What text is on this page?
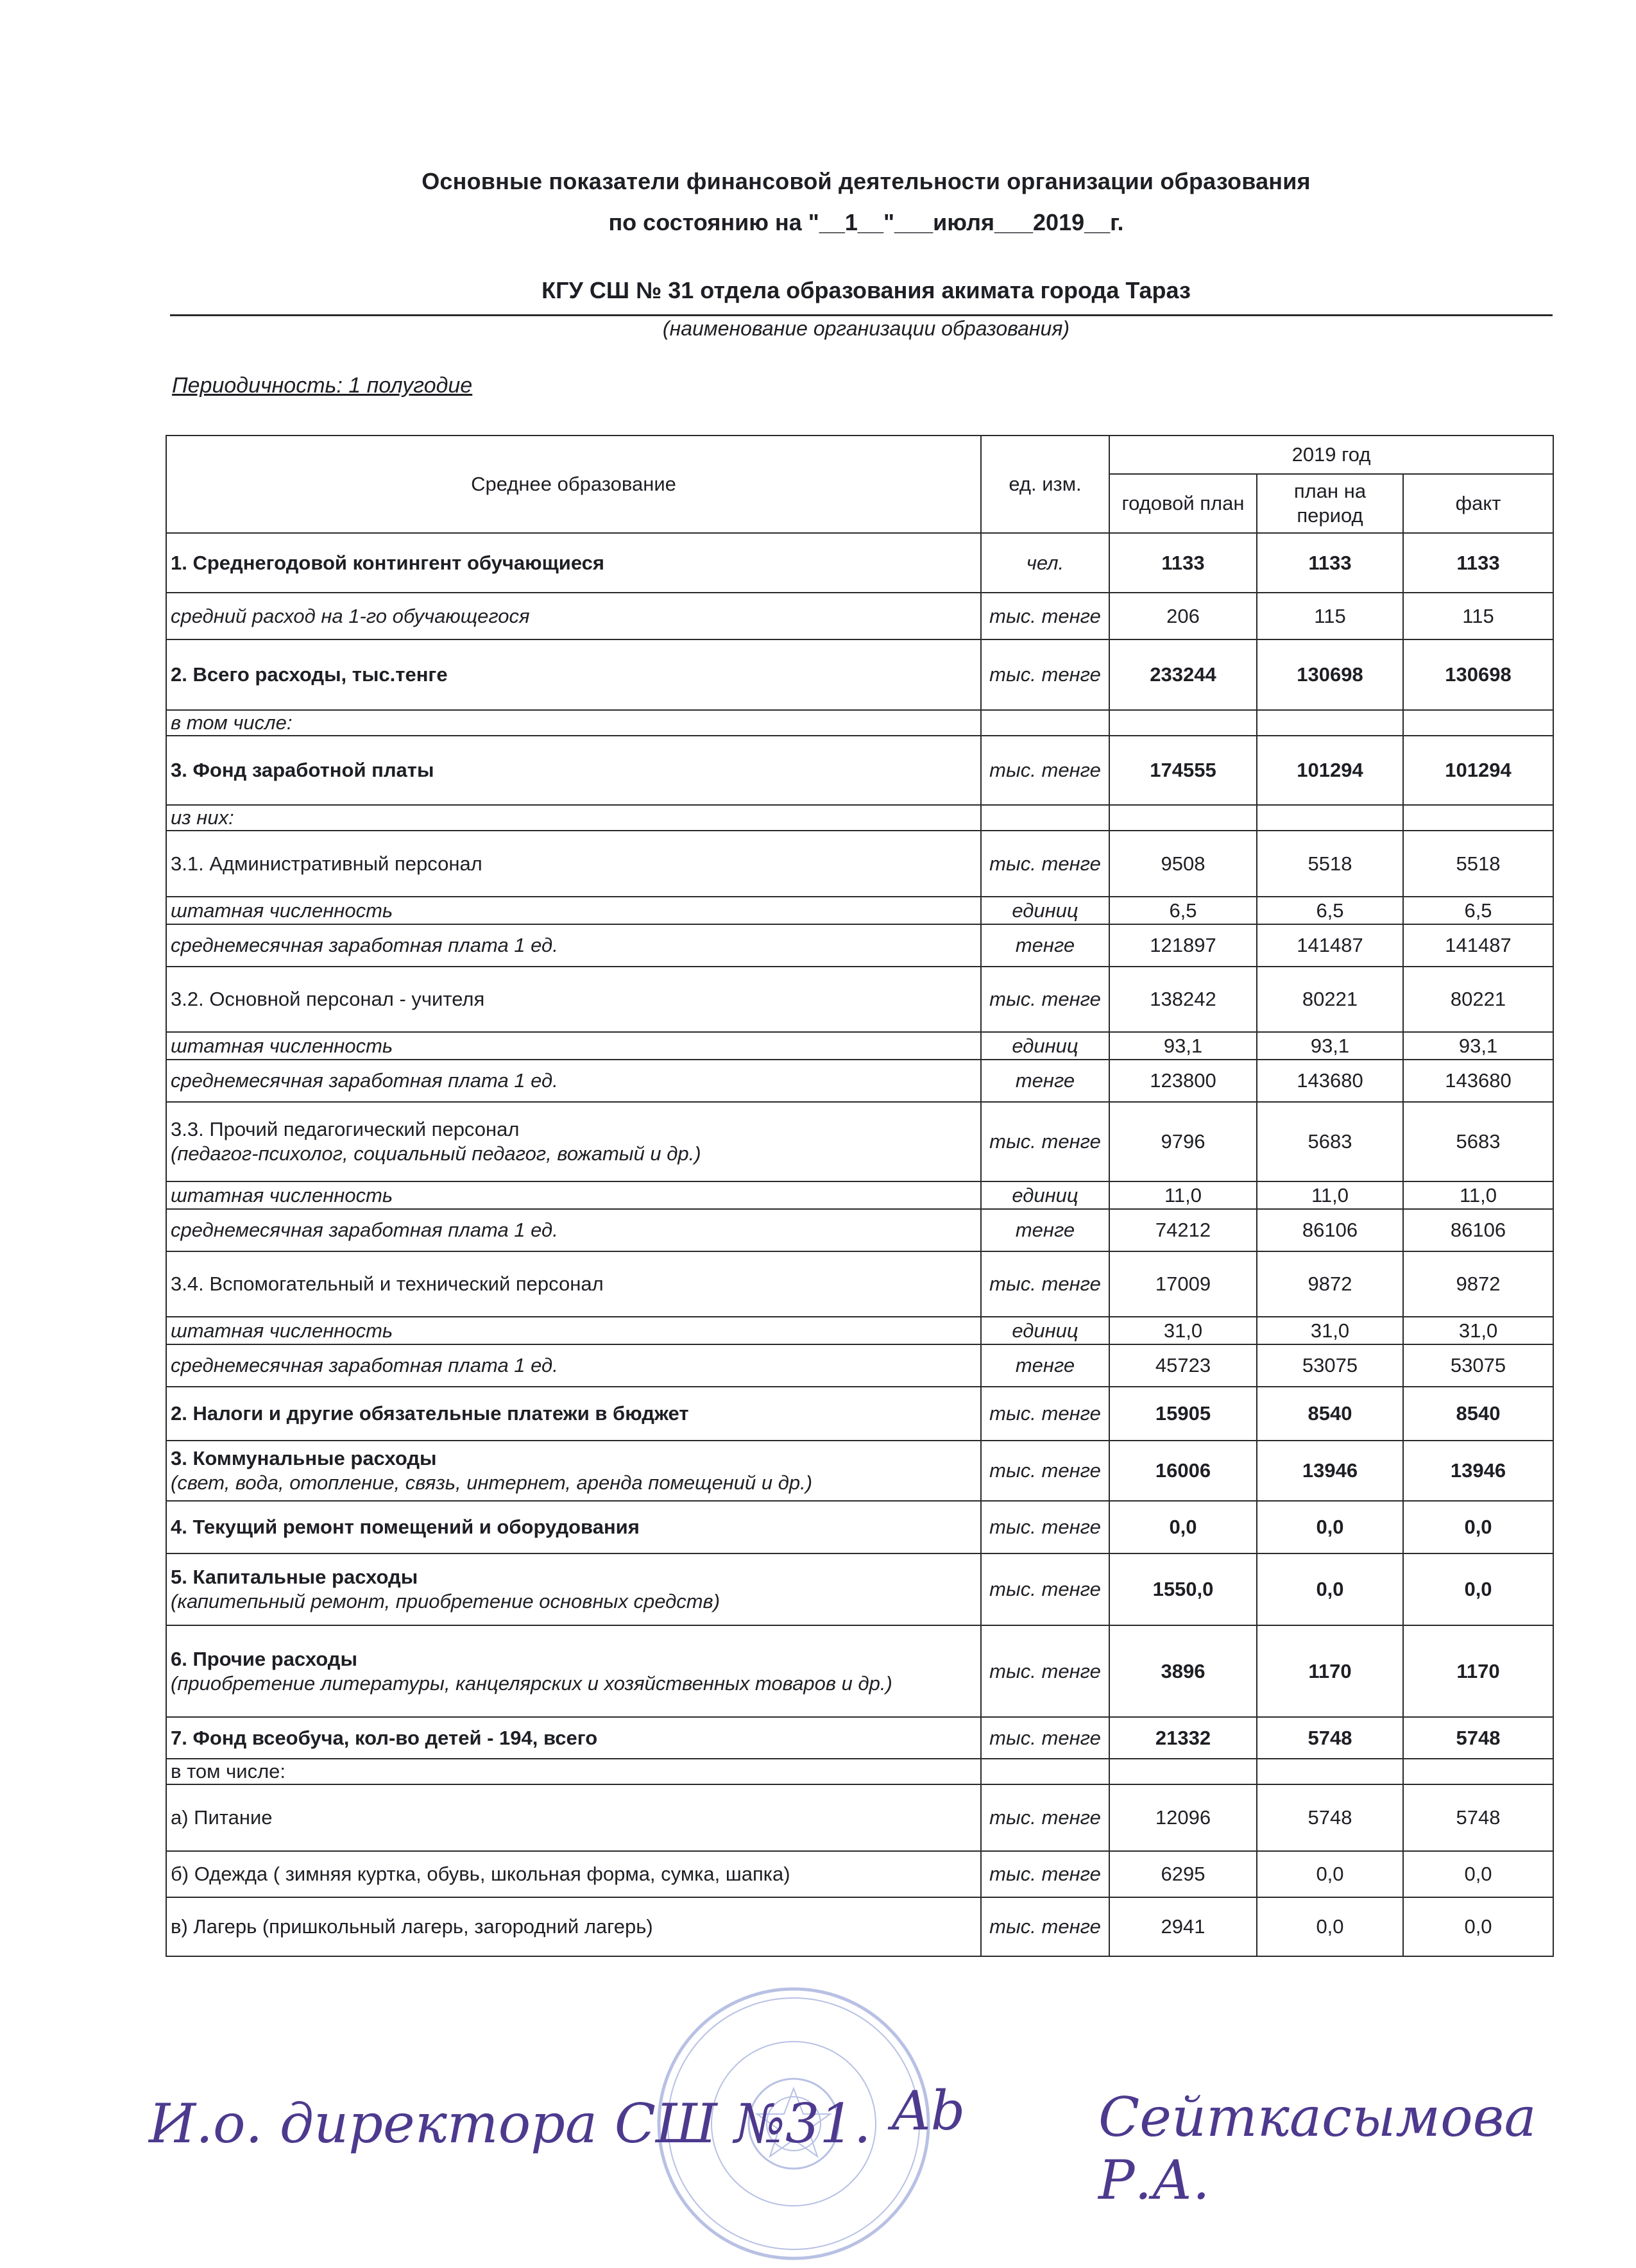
Основные показатели финансовой деятельности организации образования
по состоянию на "__1__"___июля___2019__г.
КГУ СШ № 31 отдела образования акимата города Тараз
(наименование организации образования)
Периодичность: 1 полугодие
Среднее образование	ед. изм.	2019 год		
		годовой план	план на период	факт
1. Среднегодовой контингент обучающиеся	чел.	1133	1133	1133
средний расход на 1-го обучающегося	тыс. тенге	206	115	115
2. Всего расходы, тыс.тенге	тыс. тенге	233244	130698	130698
в том числе:				
3. Фонд заработной платы	тыс. тенге	174555	101294	101294
из них:				
3.1. Административный персонал	тыс. тенге	9508	5518	5518
штатная численность	единиц	6,5	6,5	6,5
среднемесячная заработная плата 1 ед.	тенге	121897	141487	141487
3.2. Основной персонал - учителя	тыс. тенге	138242	80221	80221
штатная численность	единиц	93,1	93,1	93,1
среднемесячная заработная плата 1 ед.	тенге	123800	143680	143680
3.3. Прочий педагогический персонал
(педагог-психолог, социальный педагог, вожатый и др.)	тыс. тенге	9796	5683	5683
штатная численность	единиц	11,0	11,0	11,0
среднемесячная заработная плата 1 ед.	тенге	74212	86106	86106
3.4. Вспомогательный и технический персонал	тыс. тенге	17009	9872	9872
штатная численность	единиц	31,0	31,0	31,0
среднемесячная заработная плата 1 ед.	тенге	45723	53075	53075
2. Налоги и другие обязательные платежи в бюджет	тыс. тенге	15905	8540	8540
3. Коммунальные расходы
(свет, вода, отопление, связь, интернет, аренда помещений и др.)	тыс. тенге	16006	13946	13946
4. Текущий ремонт помещений и оборудования	тыс. тенге	0,0	0,0	0,0
5. Капитальные расходы
(капитепьный ремонт, приобретение основных средств)	тыс. тенге	1550,0	0,0	0,0
6. Прочие расходы
(приобретение литературы, канцелярских и хозяйственных товаров и др.)	тыс. тенге	3896	1170	1170
7. Фонд всеобуча, кол-во детей - 194, всего	тыс. тенге	21332	5748	5748
в том числе:				
а) Питание	тыс. тенге	12096	5748	5748
б) Одежда ( зимняя куртка, обувь, школьная форма, сумка, шапка)	тыс. тенге	6295	0,0	0,0
в) Лагерь (пришкольный лагерь, загородний лагерь)	тыс. тенге	2941	0,0	0,0
И.о. директора СШ №31. Ab Сейткасымова Р.А.
